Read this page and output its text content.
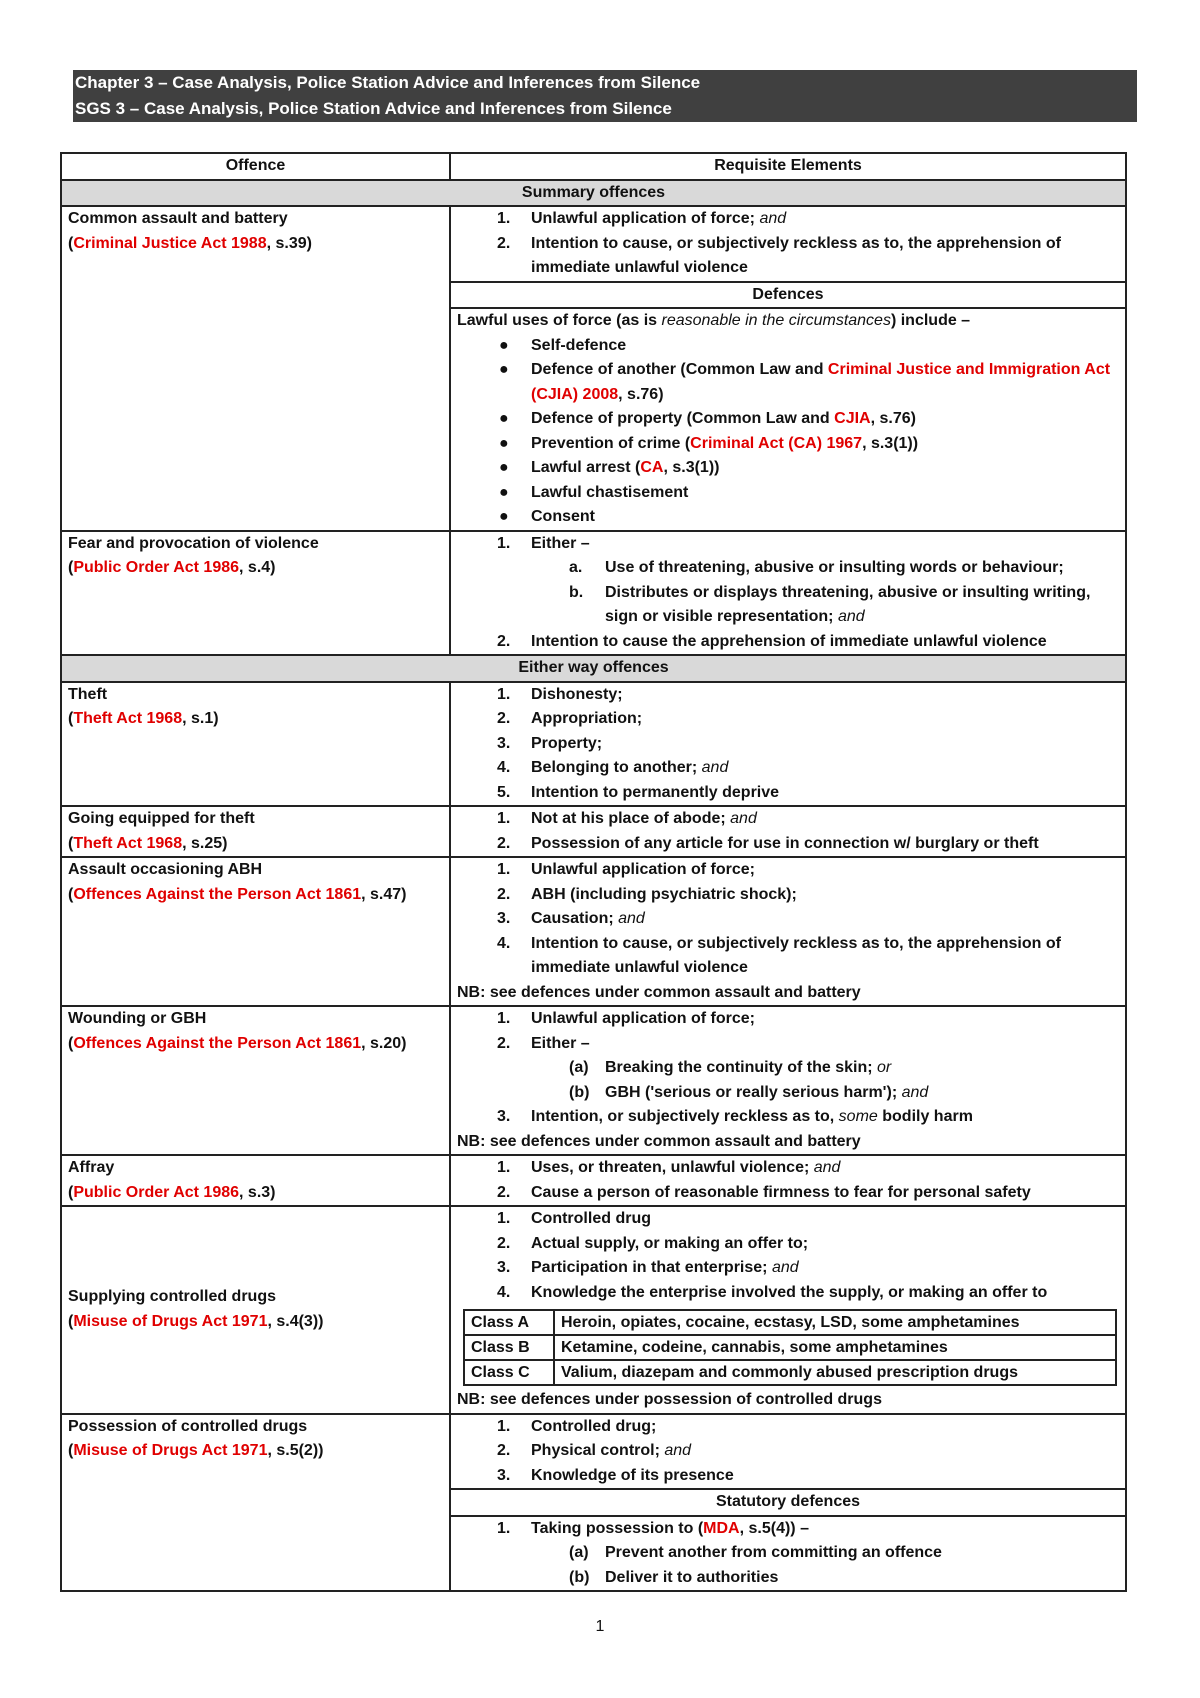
Chapter 3 – Case Analysis, Police Station Advice and Inferences from Silence
SGS 3 – Case Analysis, Police Station Advice and Inferences from Silence
Offence	Requisite Elements
Summary offences

Common assault and battery
(Criminal Justice Act 1988, s.39)

1.	Unlawful application of force; and
2.	Intention to cause, or subjectively reckless as to, the apprehension of immediate unlawful violence

Defences

Lawful uses of force (as is reasonable in the circumstances) include –
● Self-defence
● Defence of another (Common Law and Criminal Justice and Immigration Act (CJIA) 2008, s.76)
● Defence of property (Common Law and CJIA, s.76)
● Prevention of crime (Criminal Act (CA) 1967, s.3(1))
● Lawful arrest (CA, s.3(1))
● Lawful chastisement
● Consent

Fear and provocation of violence
(Public Order Act 1986, s.4)

1.	Either –
a. Use of threatening, abusive or insulting words or behaviour;
b. Distributes or displays threatening, abusive or insulting writing, sign or visible representation; and
2.	Intention to cause the apprehension of immediate unlawful violence

Either way offences

Theft
(Theft Act 1968, s.1)

1.	Dishonesty;
2.	Appropriation;
3.	Property;
4.	Belonging to another; and
5.	Intention to permanently deprive

Going equipped for theft
(Theft Act 1968, s.25)

1.	Not at his place of abode; and
2.	Possession of any article for use in connection w/ burglary or theft

Assault occasioning ABH
(Offences Against the Person Act 1861, s.47)

1.	Unlawful application of force;
2.	ABH (including psychiatric shock);
3.	Causation; and
4.	Intention to cause, or subjectively reckless as to, the apprehension of immediate unlawful violence
NB: see defences under common assault and battery

Wounding or GBH
(Offences Against the Person Act 1861, s.20)

1.	Unlawful application of force;
2.	Either –
(a) Breaking the continuity of the skin; or
(b) GBH ('serious or really serious harm'); and
3.	Intention, or subjectively reckless as to, some bodily harm
NB: see defences under common assault and battery

Affray
(Public Order Act 1986, s.3)

1.	Uses, or threaten, unlawful violence; and
2.	Cause a person of reasonable firmness to fear for personal safety

Supplying controlled drugs
(Misuse of Drugs Act 1971, s.4(3))

1.	Controlled drug
2.	Actual supply, or making an offer to;
3.	Participation in that enterprise; and
4.	Knowledge the enterprise involved the supply, or making an offer to
Class A	Heroin, opiates, cocaine, ecstasy, LSD, some amphetamines
Class B	Ketamine, codeine, cannabis, some amphetamines
Class C	Valium, diazepam and commonly abused prescription drugs
NB: see defences under possession of controlled drugs

Possession of controlled drugs
(Misuse of Drugs Act 1971, s.5(2))

1.	Controlled drug;
2.	Physical control; and
3.	Knowledge of its presence

Statutory defences

1.	Taking possession to (MDA, s.5(4)) –
(a) Prevent another from committing an offence
(b) Deliver it to authorities
1
